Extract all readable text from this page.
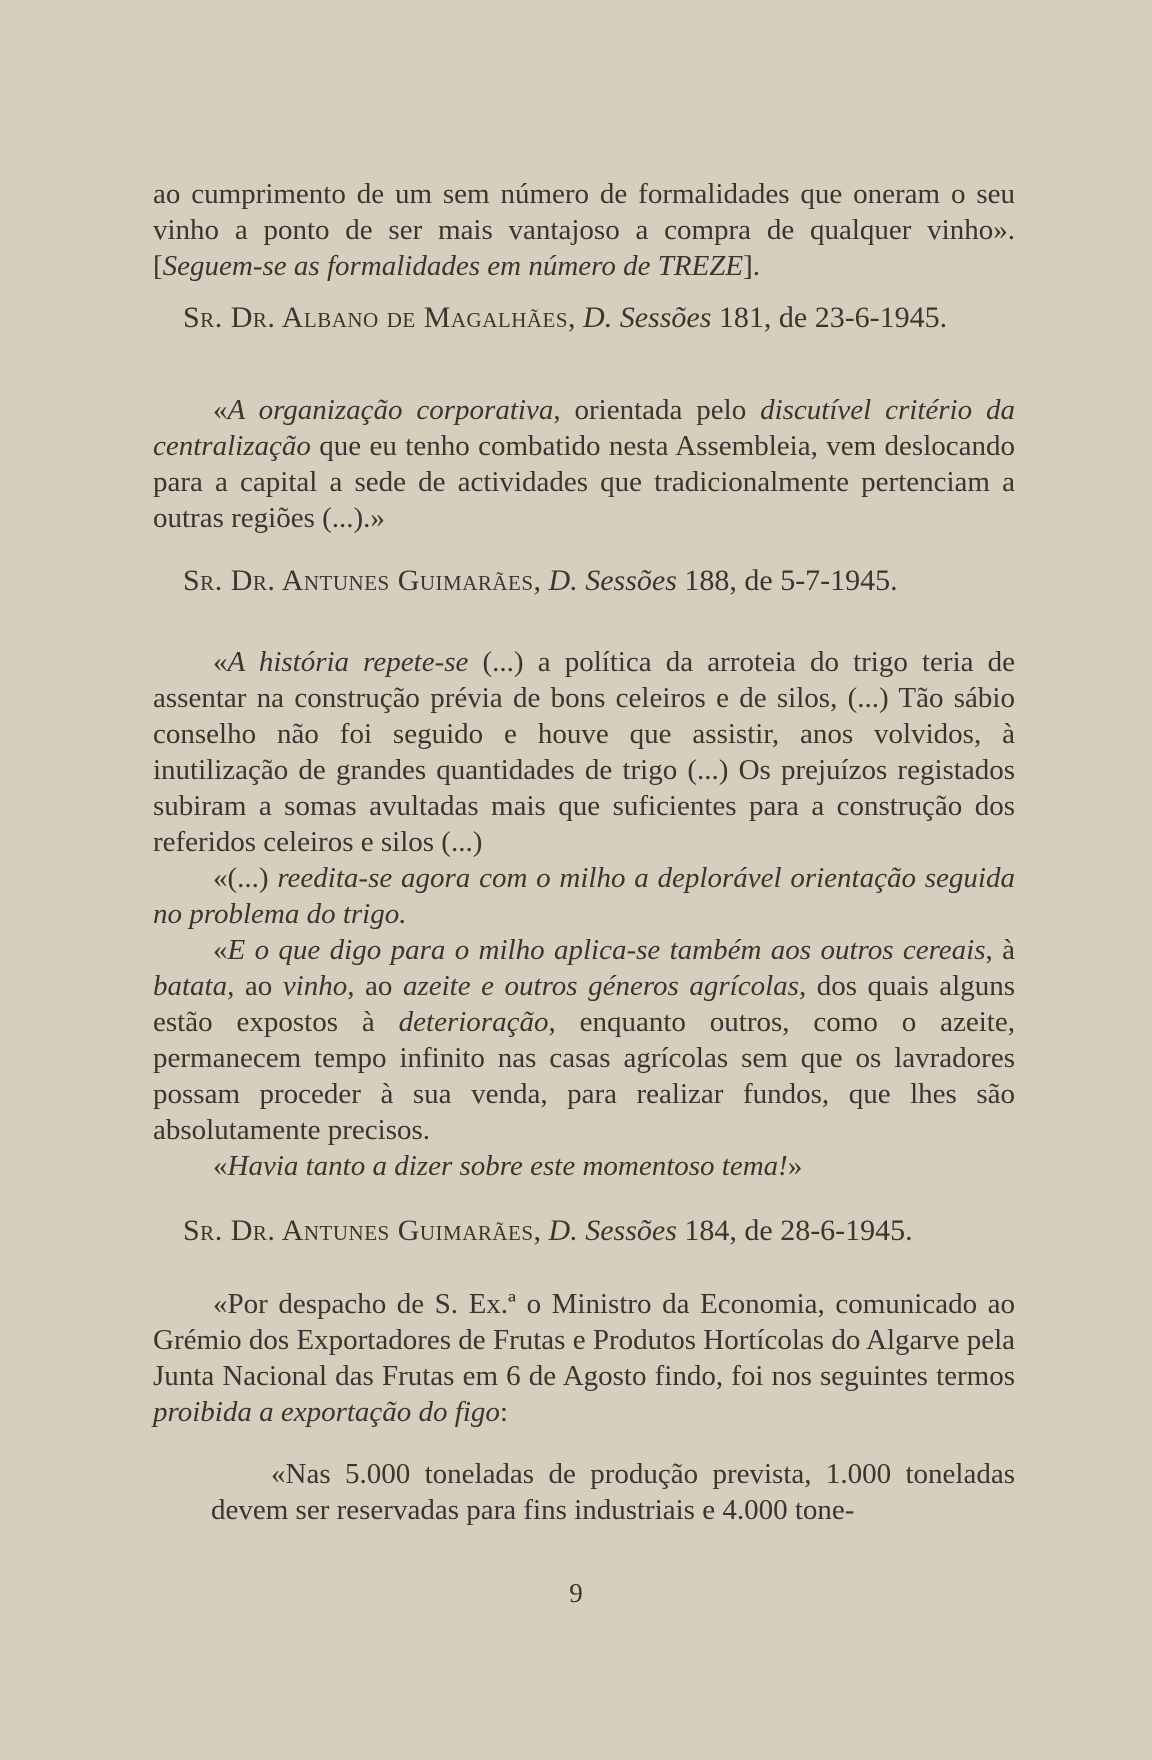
ao cumprimento de um sem número de formalidades que oneram o seu vinho a ponto de ser mais vantajoso a compra de qualquer vinho». [Seguem-se as formalidades em número de TREZE].

Sr. Dr. Albano de Magalhães, D. Sessões 181, de 23-6-1945.

«A organização corporativa, orientada pelo discutível critério da centralização que eu tenho combatido nesta Assembleia, vem deslocando para a capital a sede de actividades que tradicionalmente pertenciam a outras regiões (...).»

Sr. Dr. Antunes Guimarães, D. Sessões 188, de 5-7-1945.

«A história repete-se (...) a política da arroteia do trigo teria de assentar na construção prévia de bons celeiros e de silos, (...) Tão sábio conselho não foi seguido e houve que assistir, anos volvidos, à inutilização de grandes quantidades de trigo (...) Os prejuízos registados subiram a somas avultadas mais que suficientes para a construção dos referidos celeiros e silos (...)

«(...) reedita-se agora com o milho a deplorável orientação seguida no problema do trigo.

«E o que digo para o milho aplica-se também aos outros cereais, à batata, ao vinho, ao azeite e outros géneros agrícolas, dos quais alguns estão expostos à deterioração, enquanto outros, como o azeite, permanecem tempo infinito nas casas agrícolas sem que os lavradores possam proceder à sua venda, para realizar fundos, que lhes são absolutamente precisos.

«Havia tanto a dizer sobre este momentoso tema!»

Sr. Dr. Antunes Guimarães, D. Sessões 184, de 28-6-1945.

«Por despacho de S. Ex.ª o Ministro da Economia, comunicado ao Grémio dos Exportadores de Frutas e Produtos Hortícolas do Algarve pela Junta Nacional das Frutas em 6 de Agosto findo, foi nos seguintes termos proibida a exportação do figo:

«Nas 5.000 toneladas de produção prevista, 1.000 toneladas devem ser reservadas para fins industriais e 4.000 tone-

9
